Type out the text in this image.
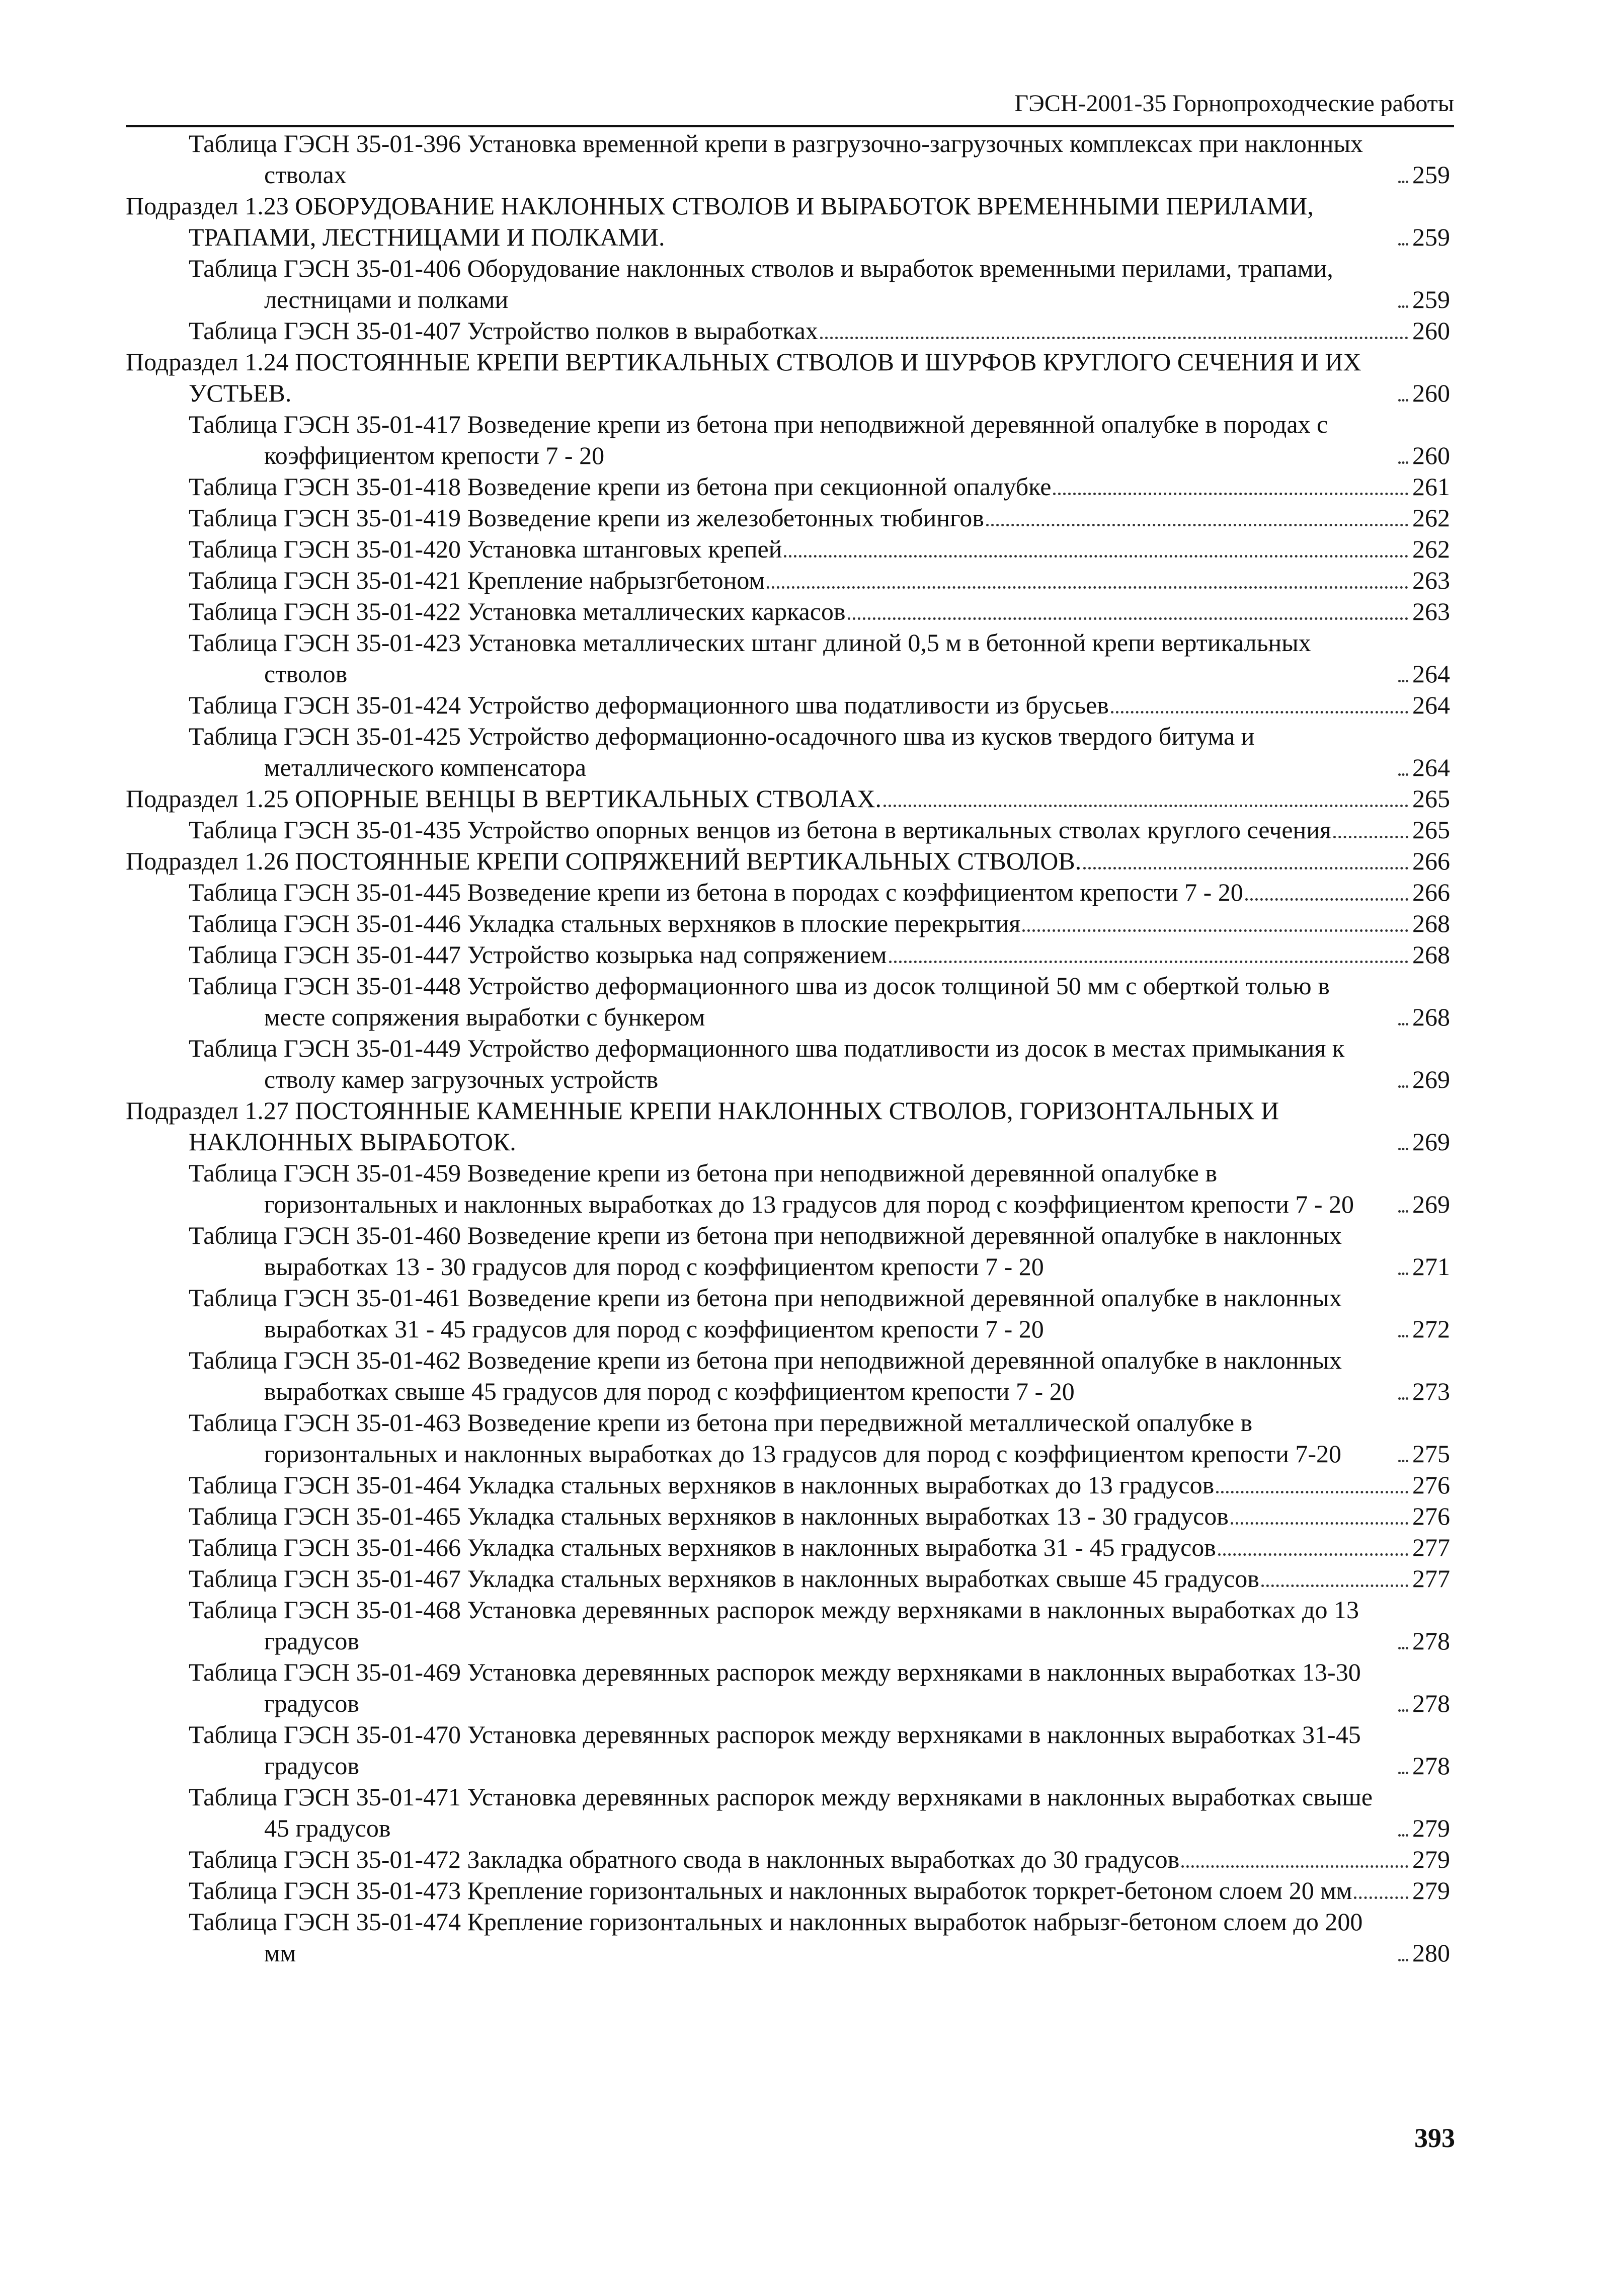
ГЭСН-2001-35 Горнопроходческие работы
Таблица ГЭСН 35-01-396 Установка временной крепи в разгрузочно-загрузочных комплексах при наклонных стволах	259
Подраздел 1.23 ОБОРУДОВАНИЕ НАКЛОННЫХ СТВОЛОВ И ВЫРАБОТОК ВРЕМЕННЫМИ ПЕРИЛАМИ, ТРАПАМИ, ЛЕСТНИЦАМИ И ПОЛКАМИ.	259
Таблица ГЭСН 35-01-406 Оборудование наклонных стволов и выработок временными перилами, трапами, лестницами и полками	259
Таблица ГЭСН 35-01-407 Устройство полков в выработках	260
Подраздел 1.24 ПОСТОЯННЫЕ КРЕПИ ВЕРТИКАЛЬНЫХ СТВОЛОВ И ШУРФОВ КРУГЛОГО СЕЧЕНИЯ И ИХ УСТЬЕВ.	260
Таблица ГЭСН 35-01-417 Возведение крепи из бетона при неподвижной деревянной опалубке в породах с коэффициентом крепости 7 - 20	260
Таблица ГЭСН 35-01-418 Возведение крепи из бетона при секционной опалубке	261
Таблица ГЭСН 35-01-419 Возведение крепи из железобетонных тюбингов	262
Таблица ГЭСН 35-01-420 Установка штанговых крепей	262
Таблица ГЭСН 35-01-421 Крепление набрызгбетоном	263
Таблица ГЭСН 35-01-422 Установка металлических каркасов	263
Таблица ГЭСН 35-01-423 Установка металлических штанг длиной 0,5 м в бетонной крепи вертикальных стволов	264
Таблица ГЭСН 35-01-424 Устройство деформационного шва податливости из брусьев	264
Таблица ГЭСН 35-01-425 Устройство деформационно-осадочного шва из кусков твердого битума и металлического компенсатора	264
Подраздел 1.25 ОПОРНЫЕ ВЕНЦЫ В ВЕРТИКАЛЬНЫХ СТВОЛАХ.	265
Таблица ГЭСН 35-01-435 Устройство опорных венцов из бетона в вертикальных стволах круглого сечения	265
Подраздел 1.26 ПОСТОЯННЫЕ КРЕПИ СОПРЯЖЕНИЙ ВЕРТИКАЛЬНЫХ СТВОЛОВ.	266
Таблица ГЭСН 35-01-445 Возведение крепи из бетона в породах с коэффициентом крепости 7 - 20	266
Таблица ГЭСН 35-01-446 Укладка стальных верхняков в плоские перекрытия	268
Таблица ГЭСН 35-01-447 Устройство козырька над сопряжением	268
Таблица ГЭСН 35-01-448 Устройство деформационного шва из досок толщиной 50 мм с оберткой толью в месте сопряжения выработки с бункером	268
Таблица ГЭСН 35-01-449 Устройство деформационного шва податливости из досок в местах примыкания к стволу камер загрузочных устройств	269
Подраздел 1.27 ПОСТОЯННЫЕ КАМЕННЫЕ КРЕПИ НАКЛОННЫХ СТВОЛОВ, ГОРИЗОНТАЛЬНЫХ И НАКЛОННЫХ ВЫРАБОТОК.	269
Таблица ГЭСН 35-01-459 Возведение крепи из бетона при неподвижной деревянной опалубке в горизонтальных и наклонных выработках до 13 градусов для пород с коэффициентом крепости 7 - 20	269
Таблица ГЭСН 35-01-460 Возведение крепи из бетона при неподвижной деревянной опалубке в наклонных выработках 13 - 30 градусов для пород с коэффициентом крепости 7 - 20	271
Таблица ГЭСН 35-01-461 Возведение крепи из бетона при неподвижной деревянной опалубке в наклонных выработках 31 - 45 градусов для пород с коэффициентом крепости 7 - 20	272
Таблица ГЭСН 35-01-462 Возведение крепи из бетона при неподвижной деревянной опалубке в наклонных выработках свыше 45 градусов для пород с коэффициентом крепости 7 - 20	273
Таблица ГЭСН 35-01-463 Возведение крепи из бетона при передвижной металлической опалубке в горизонтальных и наклонных выработках до 13 градусов для пород с коэффициентом крепости 7-20	275
Таблица ГЭСН 35-01-464 Укладка стальных верхняков в наклонных выработках до 13 градусов	276
Таблица ГЭСН 35-01-465 Укладка стальных верхняков в наклонных выработках 13 - 30 градусов	276
Таблица ГЭСН 35-01-466 Укладка стальных верхняков в наклонных выработка 31 - 45 градусов	277
Таблица ГЭСН 35-01-467 Укладка стальных верхняков в наклонных выработках свыше 45 градусов	277
Таблица ГЭСН 35-01-468 Установка деревянных распорок между верхняками в наклонных выработках до 13 градусов	278
Таблица ГЭСН 35-01-469 Установка деревянных распорок между верхняками в наклонных выработках 13-30 градусов	278
Таблица ГЭСН 35-01-470 Установка деревянных распорок между верхняками в наклонных выработках 31-45 градусов	278
Таблица ГЭСН 35-01-471 Установка деревянных распорок между верхняками в наклонных выработках свыше 45 градусов	279
Таблица ГЭСН 35-01-472 Закладка обратного свода в наклонных выработках до 30 градусов	279
Таблица ГЭСН 35-01-473 Крепление горизонтальных и наклонных выработок торкрет-бетоном слоем 20 мм 279
Таблица ГЭСН 35-01-474 Крепление горизонтальных и наклонных выработок набрызг-бетоном слоем до 200 мм	280
393
